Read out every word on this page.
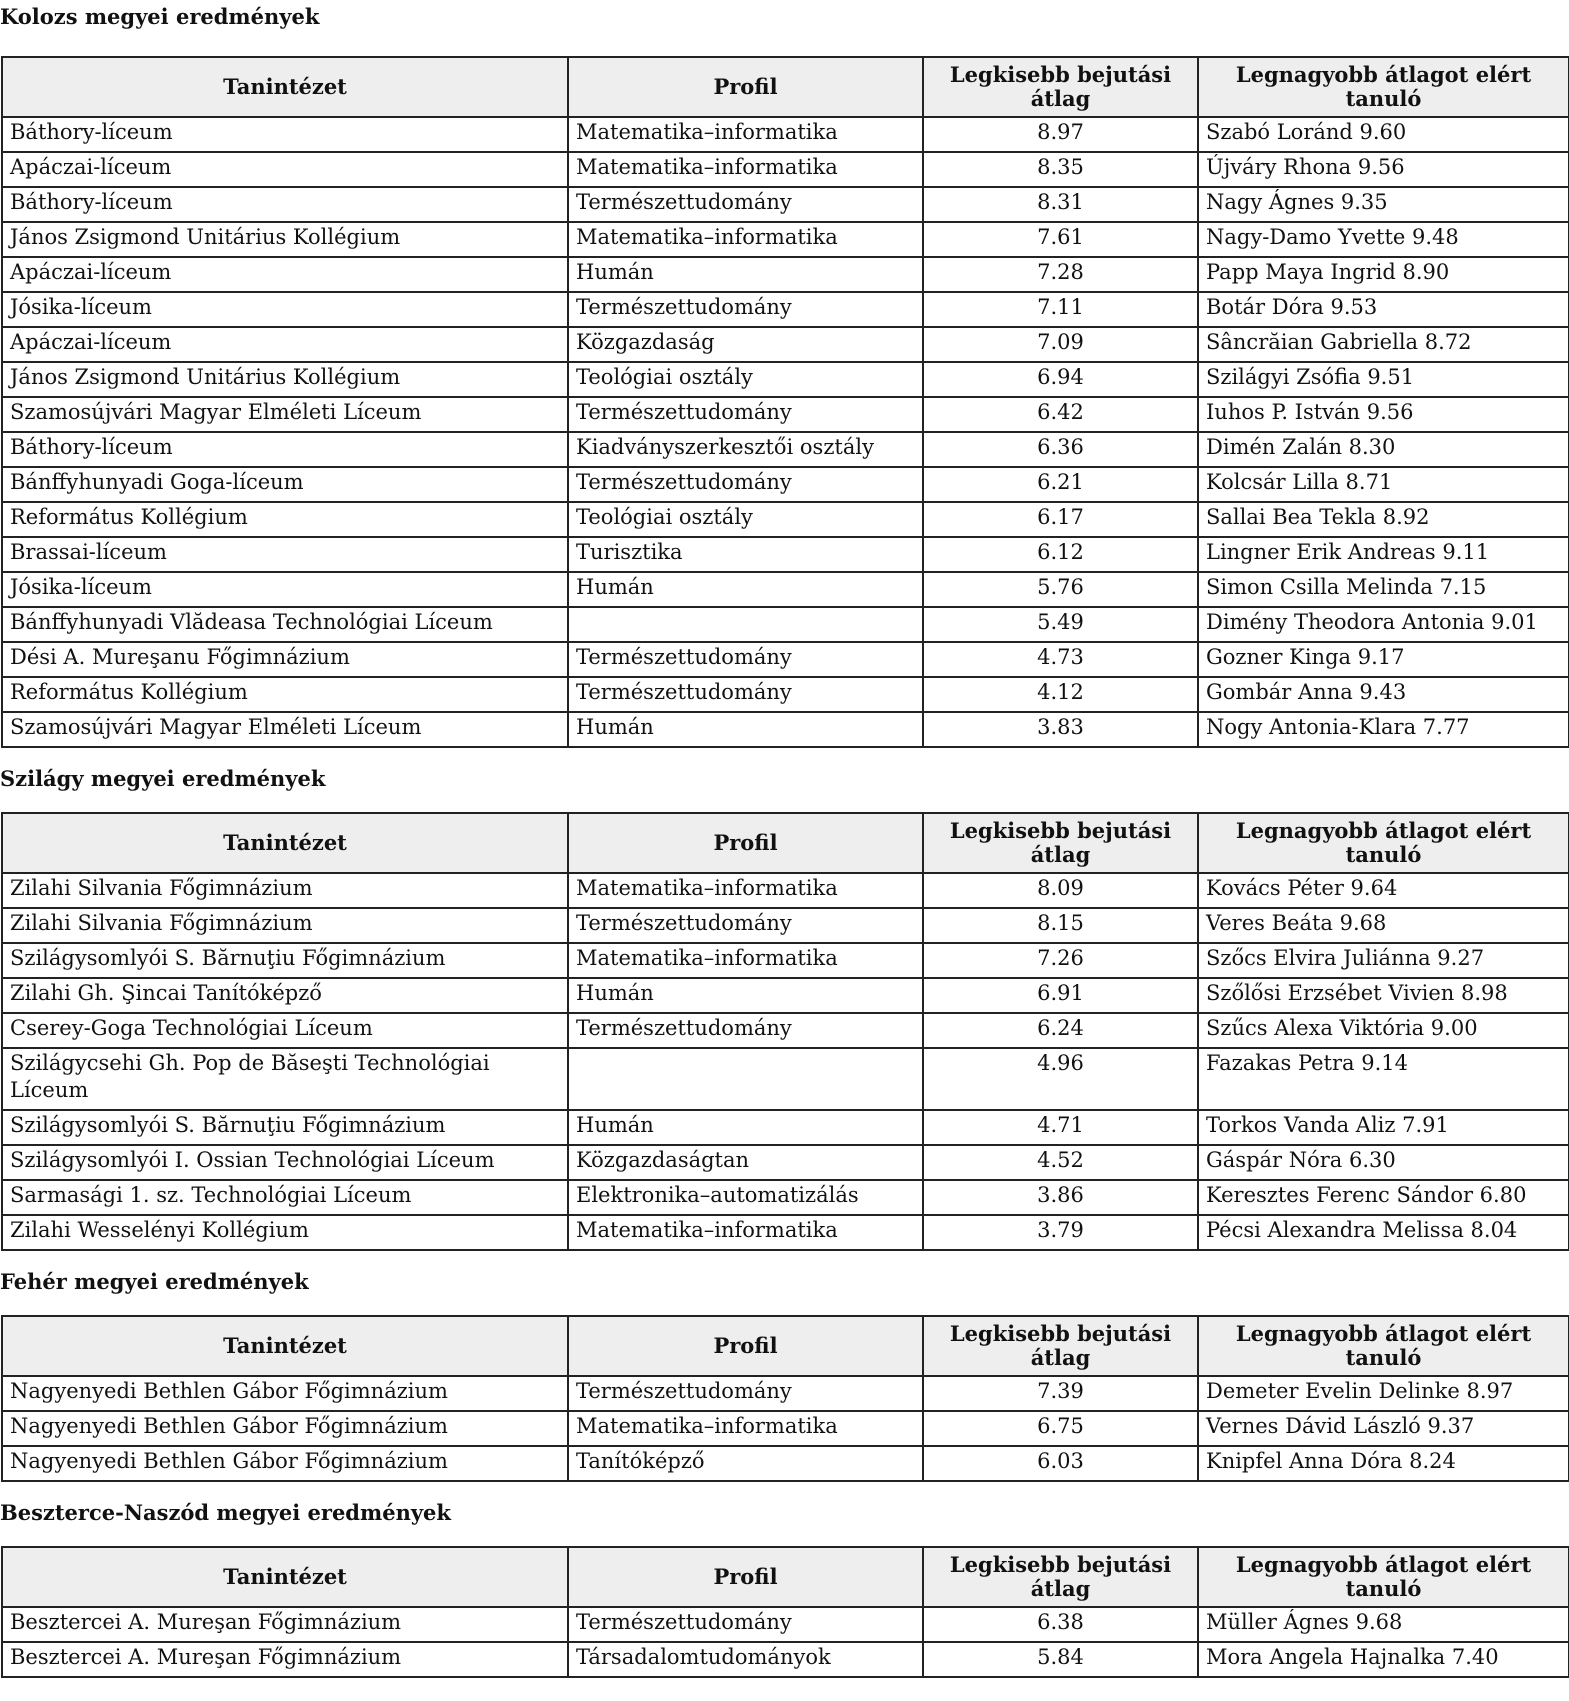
Kolozs megyei eredmények
Tanintézet	Profil	Legkisebb bejutási átlag	Legnagyobb átlagot elért tanuló
Báthory-líceum	Matematika–informatika	8.97	Szabó Loránd 9.60
Apáczai-líceum	Matematika–informatika	8.35	Újváry Rhona 9.56
Báthory-líceum	Természettudomány	8.31	Nagy Ágnes 9.35
János Zsigmond Unitárius Kollégium	Matematika–informatika	7.61	Nagy-Damo Yvette 9.48
Apáczai-líceum	Humán	7.28	Papp Maya Ingrid 8.90
Jósika-líceum	Természettudomány	7.11	Botár Dóra 9.53
Apáczai-líceum	Közgazdaság	7.09	Sâncrăian Gabriella 8.72
János Zsigmond Unitárius Kollégium	Teológiai osztály	6.94	Szilágyi Zsófia 9.51
Szamosújvári Magyar Elméleti Líceum	Természettudomány	6.42	Iuhos P. István 9.56
Báthory-líceum	Kiadványszerkesztői osztály	6.36	Dimén Zalán 8.30
Bánffyhunyadi Goga-líceum	Természettudomány	6.21	Kolcsár Lilla 8.71
Református Kollégium	Teológiai osztály	6.17	Sallai Bea Tekla 8.92
Brassai-líceum	Turisztika	6.12	Lingner Erik Andreas 9.11
Jósika-líceum	Humán	5.76	Simon Csilla Melinda 7.15
Bánffyhunyadi Vlădeasa Technológiai Líceum		5.49	Dimény Theodora Antonia 9.01
Dési A. Mureşanu Főgimnázium	Természettudomány	4.73	Gozner Kinga 9.17
Református Kollégium	Természettudomány	4.12	Gombár Anna 9.43
Szamosújvári Magyar Elméleti Líceum	Humán	3.83	Nogy Antonia-Klara 7.77
Szilágy megyei eredmények
Tanintézet	Profil	Legkisebb bejutási átlag	Legnagyobb átlagot elért tanuló
Zilahi Silvania Főgimnázium	Matematika–informatika	8.09	Kovács Péter 9.64
Zilahi Silvania Főgimnázium	Természettudomány	8.15	Veres Beáta 9.68
Szilágysomlyói S. Bărnuţiu Főgimnázium	Matematika–informatika	7.26	Szőcs Elvira Juliánna 9.27
Zilahi Gh. Şincai Tanítóképző	Humán	6.91	Szőlősi Erzsébet Vivien 8.98
Cserey-Goga Technológiai Líceum	Természettudomány	6.24	Szűcs Alexa Viktória 9.00
Szilágycsehi Gh. Pop de Băseşti Technológiai Líceum		4.96	Fazakas Petra 9.14
Szilágysomlyói S. Bărnuţiu Főgimnázium	Humán	4.71	Torkos Vanda Aliz 7.91
Szilágysomlyói I. Ossian Technológiai Líceum	Közgazdaságtan	4.52	Gáspár Nóra 6.30
Sarmasági 1. sz. Technológiai Líceum	Elektronika–automatizálás	3.86	Keresztes Ferenc Sándor 6.80
Zilahi Wesselényi Kollégium	Matematika–informatika	3.79	Pécsi Alexandra Melissa 8.04
Fehér megyei eredmények
Tanintézet	Profil	Legkisebb bejutási átlag	Legnagyobb átlagot elért tanuló
Nagyenyedi Bethlen Gábor Főgimnázium	Természettudomány	7.39	Demeter Evelin Delinke 8.97
Nagyenyedi Bethlen Gábor Főgimnázium	Matematika–informatika	6.75	Vernes Dávid László 9.37
Nagyenyedi Bethlen Gábor Főgimnázium	Tanítóképző	6.03	Knipfel Anna Dóra 8.24
Beszterce-Naszód megyei eredmények
Tanintézet	Profil	Legkisebb bejutási átlag	Legnagyobb átlagot elért tanuló
Besztercei A. Mureşan Főgimnázium	Természettudomány	6.38	Müller Ágnes 9.68
Besztercei A. Mureşan Főgimnázium	Társadalomtudományok	5.84	Mora Angela Hajnalka 7.40
